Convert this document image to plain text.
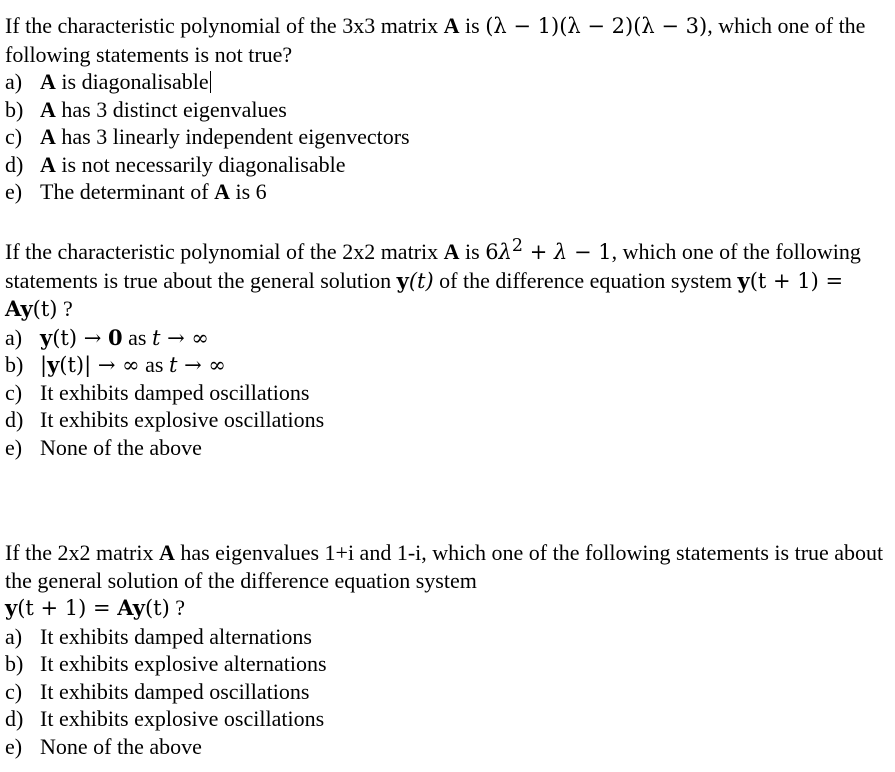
If the characteristic polynomial of the 3x3 matrix A is (λ − 1)(λ − 2)(λ − 3), which one of the following statements is not true?

a) A is diagonalisable
b) A has 3 distinct eigenvalues
c) A has 3 linearly independent eigenvectors
d) A is not necessarily diagonalisable
e) The determinant of A is 6

If the characteristic polynomial of the 2x2 matrix A is $6\lambda^2 + \lambda - 1$, which one of the following statements is true about the general solution y(t) of the difference equation system y(t + 1) = Ay(t) ?

a) y(t) → 0 as t → ∞
b) |y(t)| → ∞ as t → ∞
c) It exhibits damped oscillations
d) It exhibits explosive oscillations
e) None of the above

If the 2x2 matrix A has eigenvalues 1+i and 1-i, which one of the following statements is true about the general solution of the difference equation system
y(t + 1) = Ay(t) ?

a) It exhibits damped alternations
b) It exhibits explosive alternations
c) It exhibits damped oscillations
d) It exhibits explosive oscillations
e) None of the above
